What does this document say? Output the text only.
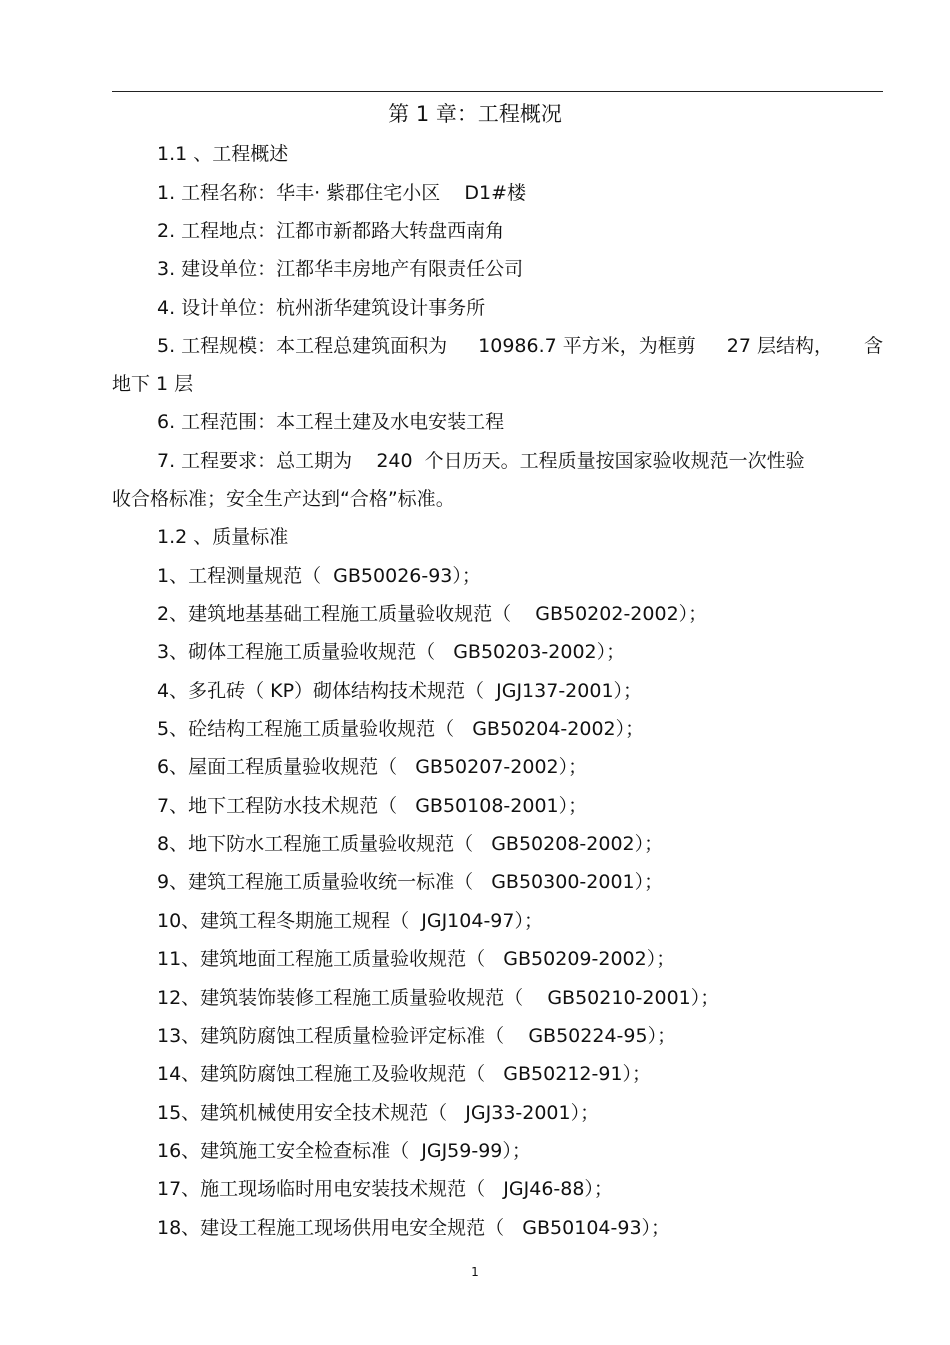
第 1 章：工程概况
1.1 、工程概述
1. 工程名称：华丰· 紫郡住宅小区    D1#楼
2. 工程地点：江都市新都路大转盘西南角
3. 建设单位：江都华丰房地产有限责任公司
4. 设计单位：杭州浙华建筑设计事务所
5. 工程规模：本工程总建筑面积为 10986.7 平方米，为框剪 27 层结构， 含
地下 1 层
6. 工程范围：本工程土建及水电安装工程
7. 工程要求：总工期为    240  个日历天。工程质量按国家验收规范一次性验
收合格标准；安全生产达到“合格”标准。
1.2 、质量标准
1、工程测量规范（  GB50026-93）；
2、建筑地基基础工程施工质量验收规范（    GB50202-2002）；
3、砌体工程施工质量验收规范（   GB50203-2002）；
4、多孔砖（ KP）砌体结构技术规范（  JGJ137-2001）；
5、砼结构工程施工质量验收规范（   GB50204-2002）；
6、屋面工程质量验收规范（   GB50207-2002）；
7、地下工程防水技术规范（   GB50108-2001）；
8、地下防水工程施工质量验收规范（   GB50208-2002）；
9、建筑工程施工质量验收统一标准（   GB50300-2001）；
10、建筑工程冬期施工规程（  JGJ104-97）；
11、建筑地面工程施工质量验收规范（   GB50209-2002）；
12、建筑装饰装修工程施工质量验收规范（    GB50210-2001）；
13、建筑防腐蚀工程质量检验评定标准（    GB50224-95）；
14、建筑防腐蚀工程施工及验收规范（   GB50212-91）；
15、建筑机械使用安全技术规范（   JGJ33-2001）；
16、建筑施工安全检查标准（  JGJ59-99）；
17、施工现场临时用电安装技术规范（   JGJ46-88）；
18、建设工程施工现场供用电安全规范（   GB50104-93）；
1
